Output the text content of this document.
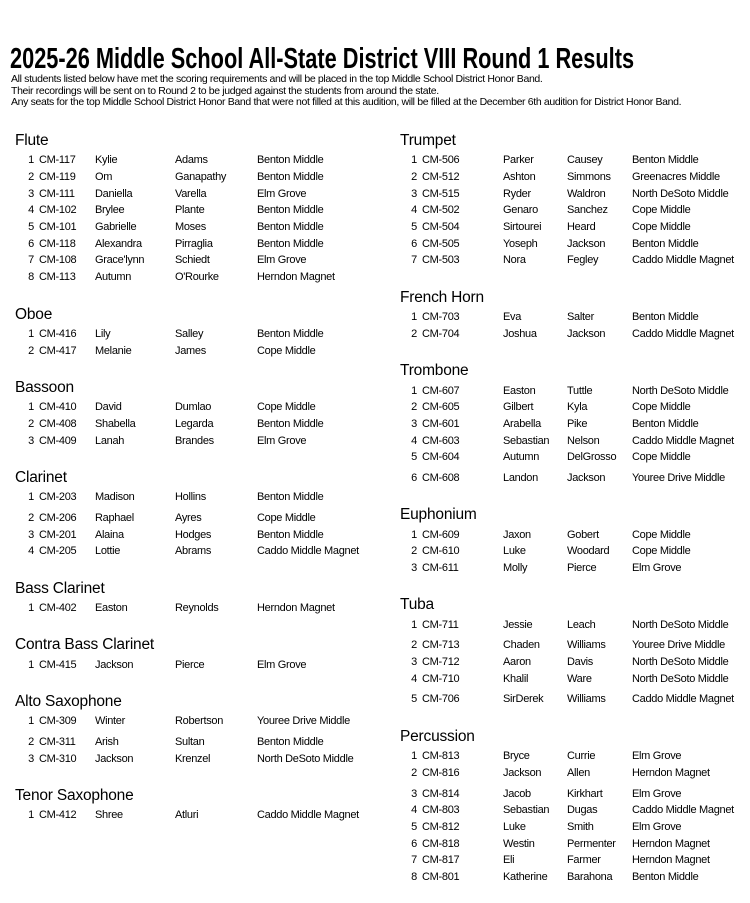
2025-26 Middle School All-State District VIII Round 1 Results
All students listed below have met the scoring requirements and will be placed in the top Middle School District Honor Band.
Their recordings will be sent on to Round 2 to be judged against the students from around the state.
Any seats for the top Middle School District Honor Band that were not filled at this audition, will be filled at the December 6th audition for District Honor Band.
Flute
1 CM-117	Kylie	Adams	Benton Middle
2 CM-119	Om	Ganapathy	Benton Middle
3 CM-111	Daniella	Varella	Elm Grove
4 CM-102	Brylee	Plante	Benton Middle
5 CM-101	Gabrielle	Moses	Benton Middle
6 CM-118	Alexandra	Pirraglia	Benton Middle
7 CM-108	Grace'lynn	Schiedt	Elm Grove
8 CM-113	Autumn	O'Rourke	Herndon Magnet
Oboe
1 CM-416	Lily	Salley	Benton Middle
2 CM-417	Melanie	James	Cope Middle
Bassoon
1 CM-410	David	Dumlao	Cope Middle
2 CM-408	Shabella	Legarda	Benton Middle
3 CM-409	Lanah	Brandes	Elm Grove
Clarinet
1 CM-203	Madison	Hollins	Benton Middle
2 CM-206	Raphael	Ayres	Cope Middle
3 CM-201	Alaina	Hodges	Benton Middle
4 CM-205	Lottie	Abrams	Caddo Middle Magnet
Bass Clarinet
1 CM-402	Easton	Reynolds	Herndon Magnet
Contra Bass Clarinet
1 CM-415	Jackson	Pierce	Elm Grove
Alto Saxophone
1 CM-309	Winter	Robertson	Youree Drive Middle
2 CM-311	Arish	Sultan	Benton Middle
3 CM-310	Jackson	Krenzel	North DeSoto Middle
Tenor Saxophone
1 CM-412	Shree	Atluri	Caddo Middle Magnet
Trumpet
1 CM-506	Parker	Causey	Benton Middle
2 CM-512	Ashton	Simmons	Greenacres Middle
3 CM-515	Ryder	Waldron	North DeSoto Middle
4 CM-502	Genaro	Sanchez	Cope Middle
5 CM-504	Sirtourei	Heard	Cope Middle
6 CM-505	Yoseph	Jackson	Benton Middle
7 CM-503	Nora	Fegley	Caddo Middle Magnet
French Horn
1 CM-703	Eva	Salter	Benton Middle
2 CM-704	Joshua	Jackson	Caddo Middle Magnet
Trombone
1 CM-607	Easton	Tuttle	North DeSoto Middle
2 CM-605	Gilbert	Kyla	Cope Middle
3 CM-601	Arabella	Pike	Benton Middle
4 CM-603	Sebastian	Nelson	Caddo Middle Magnet
5 CM-604	Autumn	DelGrosso	Cope Middle
6 CM-608	Landon	Jackson	Youree Drive Middle
Euphonium
1 CM-609	Jaxon	Gobert	Cope Middle
2 CM-610	Luke	Woodard	Cope Middle
3 CM-611	Molly	Pierce	Elm Grove
Tuba
1 CM-711	Jessie	Leach	North DeSoto Middle
2 CM-713	Chaden	Williams	Youree Drive Middle
3 CM-712	Aaron	Davis	North DeSoto Middle
4 CM-710	Khalil	Ware	North DeSoto Middle
5 CM-706	SirDerek	Williams	Caddo Middle Magnet
Percussion
1 CM-813	Bryce	Currie	Elm Grove
2 CM-816	Jackson	Allen	Herndon Magnet
3 CM-814	Jacob	Kirkhart	Elm Grove
4 CM-803	Sebastian	Dugas	Caddo Middle Magnet
5 CM-812	Luke	Smith	Elm Grove
6 CM-818	Westin	Permenter	Herndon Magnet
7 CM-817	Eli	Farmer	Herndon Magnet
8 CM-801	Katherine	Barahona	Benton Middle
